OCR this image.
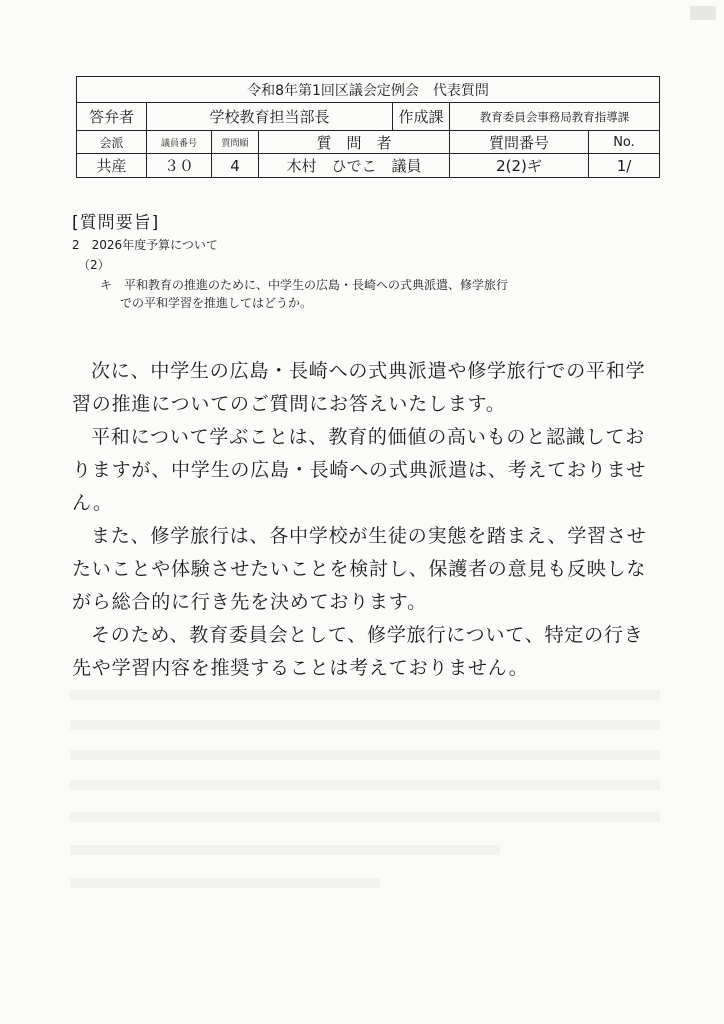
令和8年第1回区議会定例会　代表質問						
答弁者	学校教育担当部長			作成課	教育委員会事務局教育指導課	
会派	議員番号	質問順	質　問　者		質問番号	No.
共産	３０	4	木村　ひでこ　議員		2(2)ギ	1/
[質問要旨]
2　2026年度予算について
（2）
キ　平和教育の推進のために、中学生の広島・長崎への式典派遣、修学旅行
での平和学習を推進してはどうか。

次に、中学生の広島・長崎への式典派遣や修学旅行での平和学習の推進についてのご質問にお答えいたします。

平和について学ぶことは、教育的価値の高いものと認識しておりますが、中学生の広島・長崎への式典派遣は、考えておりません。

また、修学旅行は、各中学校が生徒の実態を踏まえ、学習させたいことや体験させたいことを検討し、保護者の意見も反映しながら総合的に行き先を決めております。

そのため、教育委員会として、修学旅行について、特定の行き先や学習内容を推奨することは考えておりません。
